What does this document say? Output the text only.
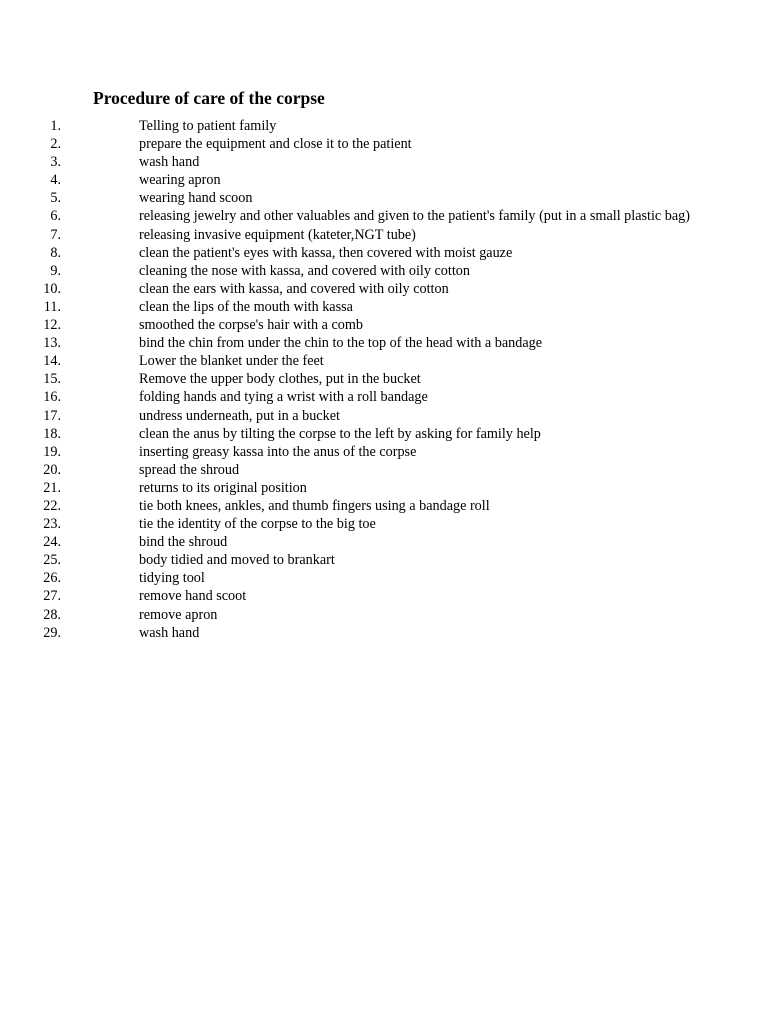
Procedure of care of the corpse
1.	Telling to patient family
2.	prepare the equipment and close it to the patient
3.	wash hand
4.	wearing apron
5.	wearing hand scoon
6.	releasing jewelry and other valuables and given to the patient's family (put in a small plastic bag)
7.	releasing invasive equipment (kateter,NGT tube)
8.	clean the patient's eyes with kassa, then covered with moist gauze
9.	cleaning the nose with kassa, and covered with oily cotton
10.	clean the ears with kassa, and covered with oily cotton
11.	clean the lips of the mouth with kassa
12.	smoothed the corpse's hair with a comb
13.	bind the chin from under the chin to the top of the head with a bandage
14.	Lower the blanket under the feet
15.	Remove the upper body clothes, put in the bucket
16.	folding hands and tying a wrist with a roll bandage
17.	undress underneath, put in a bucket
18.	clean the anus by tilting the corpse to the left by asking for family help
19.	inserting greasy kassa into the anus of the corpse
20.	spread the shroud
21.	returns to its original position
22.	tie both knees, ankles, and thumb fingers using a bandage roll
23.	tie the identity of the corpse to the big toe
24.	bind the shroud
25.	body tidied and moved to brankart
26.	tidying tool
27.	remove hand scoot
28.	remove apron
29.	wash hand
